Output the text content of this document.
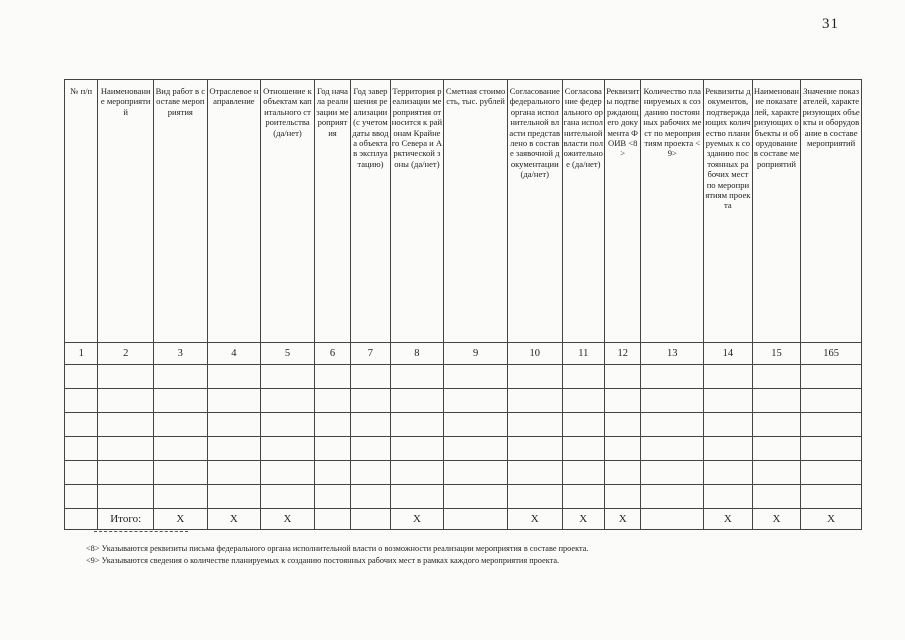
31
№ п/п	Наименование мероприятий	Вид работ в составе мероприятия	Отраслевое направление	Отношение к объектам капитального строительства (да/нет)	Год начала реализации мероприятия	Год завершения реализации (с учетом даты ввода объекта в эксплуатацию)	Территория реализации мероприятия относится к районам Крайнего Севера и Арктической зоны (да/нет)	Сметная стоимость, тыс. рублей	Согласование федерального органа исполнительной власти представлено в составе заявочной документации (да/нет)	Согласование федерального органа исполнительной власти положительное (да/нет)	Реквизиты подтверждающего документа ФОИВ <8>	Количество планируемых к созданию постоянных рабочих мест по мероприятиям проекта <9>	Реквизиты документов, подтверждающих количество планируемых к созданию постоянных рабочих мест по мероприятиям проекта	Наименование показателей, характеризующих объекты и оборудование в составе мероприятий	Значение показателей, характеризующих объекты и оборудование в составе мероприятий

1	2	3	4	5	6	7	8	9	10	11	12	13	14	15	165

	Итого:	X	X	X			X		X	X	X		X	X	X
<8> Указываются реквизиты письма федерального органа исполнительной власти о возможности реализации мероприятия в составе проекта.
<9> Указываются сведения о количестве планируемых к созданию постоянных рабочих мест в рамках каждого мероприятия проекта.
